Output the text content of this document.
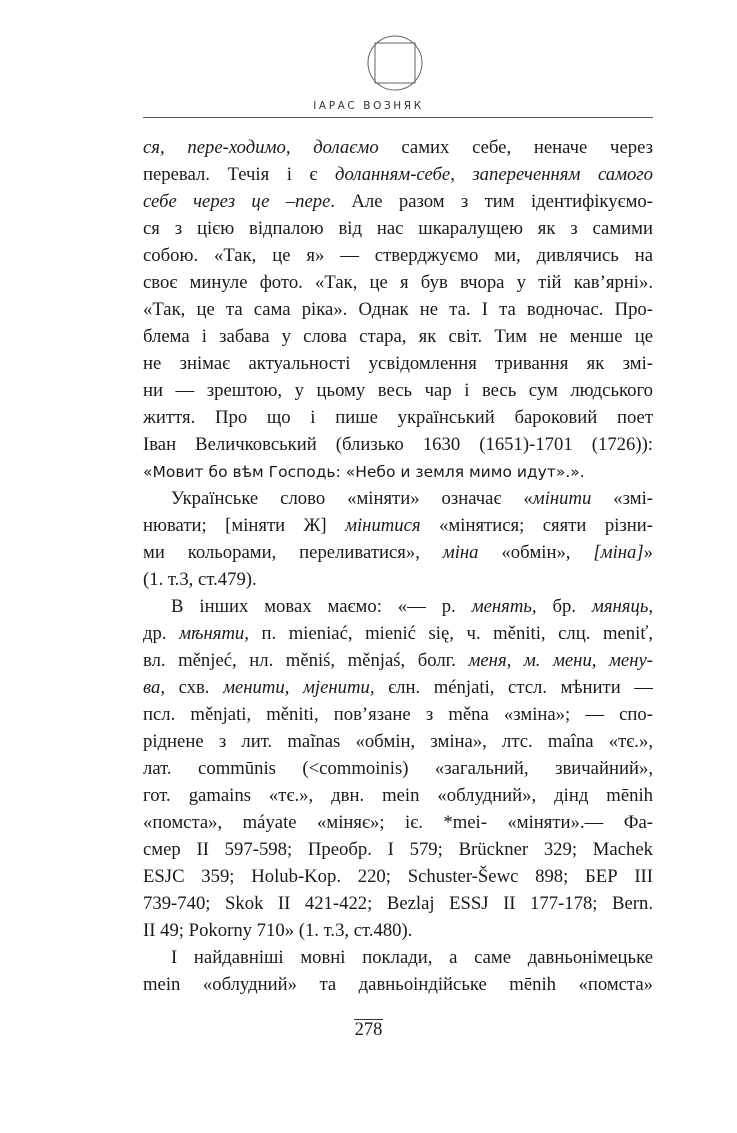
ІАРАС ВОЗНЯК
ся, пере-ходимо, долаємо самих себе, неначе через
перевал. Течія і є доланням-себе, запереченням самого
себе через це –пере. Але разом з тим ідентифікуємо-
ся з цією відпалою від нас шкаралущею як з самими
собою. «Так, це я» — стверджуємо ми, дивлячись на
своє минуле фото. «Так, це я був вчора у тій кав’ярні».
«Так, це та сама ріка». Однак не та. І та водночас. Про-
блема і забава у слова стара, як світ. Тим не менше це
не знімає актуальності усвідомлення тривання як змі-
ни — зрештою, у цьому весь чар і весь сум людського
життя. Про що і пише український бароковий поет
Іван Величковський (близько 1630 (1651)-1701 (1726)):
«Мовит бо вѣм Господь: «Небо и земля мимо идут».».
Українське слово «міняти» означає «мінити «змі-
нювати; [міняти Ж] мінитися «мінятися; сяяти різни-
ми кольорами, переливатися», міна «обмін», [міна]»
(1. т.3, ст.479).
В інших мовах маємо: «— р. менять, бр. мяняць,
др. мѣняти, п. mieniać, mienić się, ч. měniti, слц. meniť,
вл. měnjeć, нл. měniś, měnjaś, болг. меня, м. мени, мену-
ва, схв. менити, мјенити, єлн. ménjati, стсл. мѣнити —
псл. měnjati, měniti, пов’язане з měna «зміна»; — спо-
ріднене з лит. maĩnas «обмін, зміна», лтс. maîna «тє.»,
лат. commūnis (<commoinis) «загальний, звичайний»,
гот. gamains «тє.», двн. mein «облудний», дінд mēnih
«помста», máyate «міняє»; іє. *mei- «міняти».— Фа-
смер II 597-598; Преобр. I 579; Brückner 329; Machek
ESJC 359; Holub-Kop. 220; Schuster-Šewc 898; БЕР III
739-740; Skok II 421-422; Bezlaj ESSJ II 177-178; Bern.
II 49; Pokorny 710» (1. т.3, ст.480).
І найдавніші мовні поклади, а саме давньонімецьке
mein «облудний» та давньоіндійське mēnih «помста»
278
